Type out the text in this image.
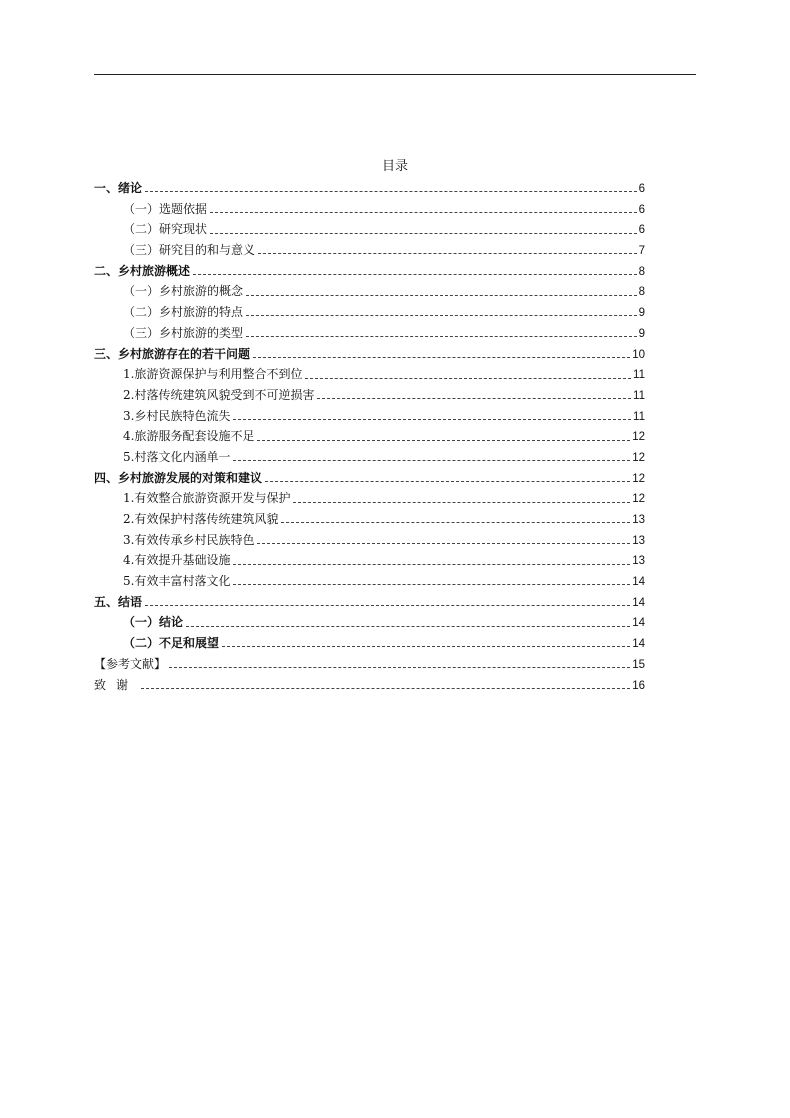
目录
一、绪论	6
（一）选题依据	6
（二）研究现状	6
（三）研究目的和与意义	7
二、乡村旅游概述	8
（一）乡村旅游的概念	8
（二）乡村旅游的特点	9
（三）乡村旅游的类型	9
三、乡村旅游存在的若干问题	10
1.旅游资源保护与利用整合不到位	11
2.村落传统建筑风貌受到不可逆损害	11
3.乡村民族特色流失	11
4.旅游服务配套设施不足	12
5.村落文化内涵单一	12
四、乡村旅游发展的对策和建议	12
1.有效整合旅游资源开发与保护	12
2.有效保护村落传统建筑风貌	13
3.有效传承乡村民族特色	13
4.有效提升基础设施	13
5.有效丰富村落文化	14
五、结语	14
（一）结论	14
（二）不足和展望	14
【参考文献】	15
致谢	16
